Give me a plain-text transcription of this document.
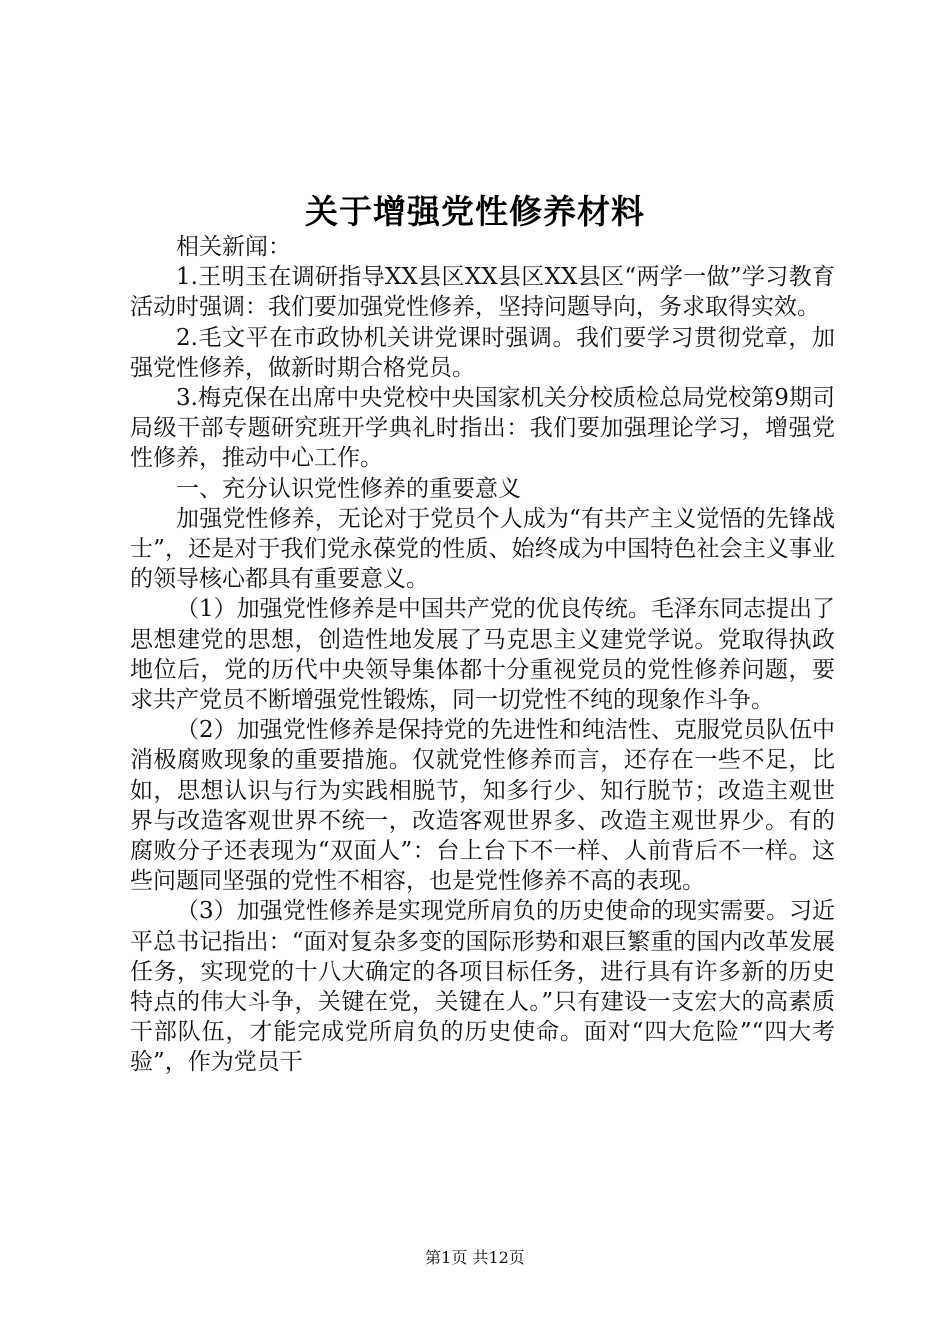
关于增强党性修养材料

相关新闻：

1.王明玉在调研指导XX县区XX县区XX县区“两学一做”学习教育活动时强调：我们要加强党性修养，坚持问题导向，务求取得实效。

2.毛文平在市政协机关讲党课时强调。我们要学习贯彻党章，加强党性修养，做新时期合格党员。

3.梅克保在出席中央党校中央国家机关分校质检总局党校第9期司局级干部专题研究班开学典礼时指出：我们要加强理论学习，增强党性修养，推动中心工作。

一、充分认识党性修养的重要意义

加强党性修养，无论对于党员个人成为“有共产主义觉悟的先锋战士”，还是对于我们党永葆党的性质、始终成为中国特色社会主义事业的领导核心都具有重要意义。

（1）加强党性修养是中国共产党的优良传统。毛泽东同志提出了思想建党的思想，创造性地发展了马克思主义建党学说。党取得执政地位后，党的历代中央领导集体都十分重视党员的党性修养问题，要求共产党员不断增强党性锻炼，同一切党性不纯的现象作斗争。

（2）加强党性修养是保持党的先进性和纯洁性、克服党员队伍中消极腐败现象的重要措施。仅就党性修养而言，还存在一些不足，比如，思想认识与行为实践相脱节，知多行少、知行脱节；改造主观世界与改造客观世界不统一，改造客观世界多、改造主观世界少。有的腐败分子还表现为“双面人”：台上台下不一样、人前背后不一样。这些问题同坚强的党性不相容，也是党性修养不高的表现。

（3）加强党性修养是实现党所肩负的历史使命的现实需要。习近平总书记指出：“面对复杂多变的国际形势和艰巨繁重的国内改革发展任务，实现党的十八大确定的各项目标任务，进行具有许多新的历史特点的伟大斗争，关键在党，关键在人。”只有建设一支宏大的高素质干部队伍，才能完成党所肩负的历史使命。面对“四大危险”“四大考验”，作为党员干

第1页 共12页
